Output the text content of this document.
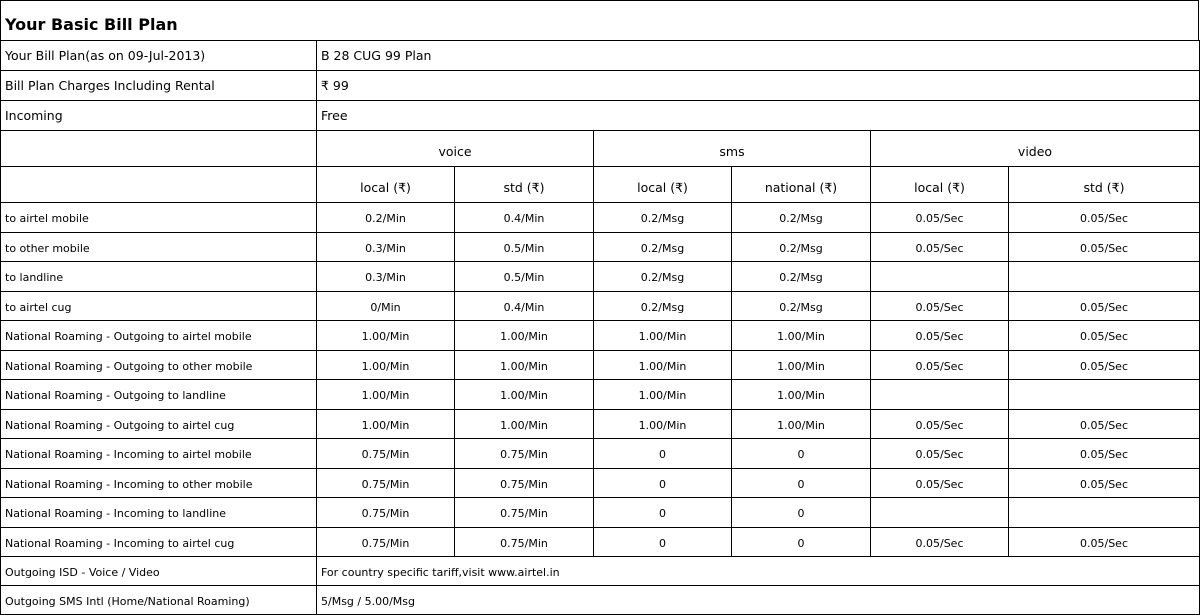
Your Basic Bill Plan
Your Bill Plan(as on 09-Jul-2013)	B 28 CUG 99 Plan					
Bill Plan Charges Including Rental	₹ 99					
Incoming	Free					
	voice		sms		video	
	local (₹)	std (₹)	local (₹)	national (₹)	local (₹)	std (₹)
to airtel mobile	0.2/Min	0.4/Min	0.2/Msg	0.2/Msg	0.05/Sec	0.05/Sec
to other mobile	0.3/Min	0.5/Min	0.2/Msg	0.2/Msg	0.05/Sec	0.05/Sec
to landline	0.3/Min	0.5/Min	0.2/Msg	0.2/Msg		
to airtel cug	0/Min	0.4/Min	0.2/Msg	0.2/Msg	0.05/Sec	0.05/Sec
National Roaming - Outgoing to airtel mobile	1.00/Min	1.00/Min	1.00/Min	1.00/Min	0.05/Sec	0.05/Sec
National Roaming - Outgoing to other mobile	1.00/Min	1.00/Min	1.00/Min	1.00/Min	0.05/Sec	0.05/Sec
National Roaming - Outgoing to landline	1.00/Min	1.00/Min	1.00/Min	1.00/Min		
National Roaming - Outgoing to airtel cug	1.00/Min	1.00/Min	1.00/Min	1.00/Min	0.05/Sec	0.05/Sec
National Roaming - Incoming to airtel mobile	0.75/Min	0.75/Min	0	0	0.05/Sec	0.05/Sec
National Roaming - Incoming to other mobile	0.75/Min	0.75/Min	0	0	0.05/Sec	0.05/Sec
National Roaming - Incoming to landline	0.75/Min	0.75/Min	0	0		
National Roaming - Incoming to airtel cug	0.75/Min	0.75/Min	0	0	0.05/Sec	0.05/Sec
Outgoing ISD - Voice / Video	For country specific tariff,visit www.airtel.in					
Outgoing SMS Intl (Home/National Roaming)	5/Msg / 5.00/Msg					
